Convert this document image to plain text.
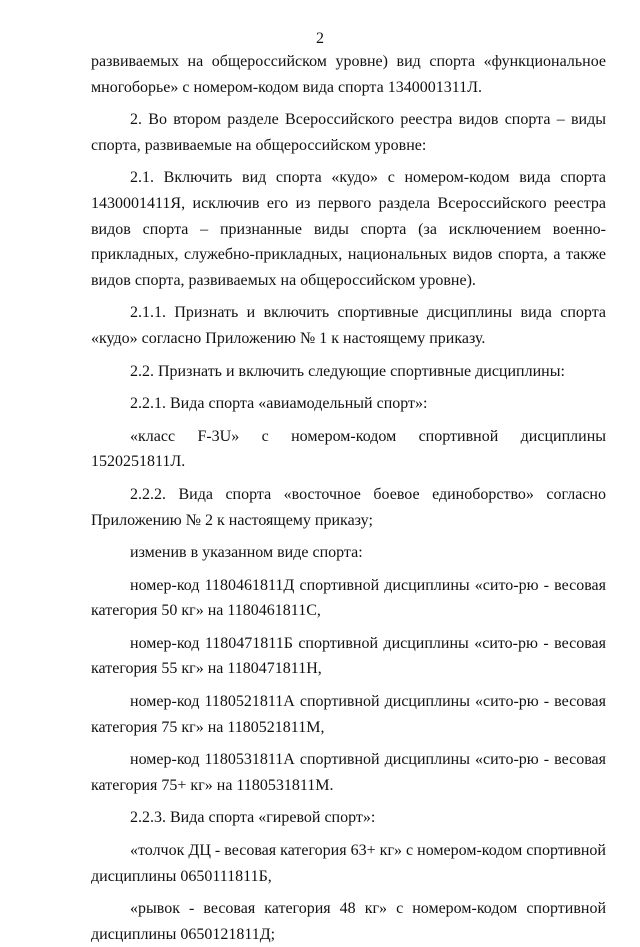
2

развиваемых на общероссийском уровне) вид спорта «функциональное многоборье» с номером-кодом вида спорта 1340001311Л.

2. Во втором разделе Всероссийского реестра видов спорта – виды спорта, развиваемые на общероссийском уровне:

2.1. Включить вид спорта «кудо» с номером-кодом вида спорта 1430001411Я, исключив его из первого раздела Всероссийского реестра видов спорта – признанные виды спорта (за исключением военно-прикладных, служебно-прикладных, национальных видов спорта, а также видов спорта, развиваемых на общероссийском уровне).

2.1.1. Признать и включить спортивные дисциплины вида спорта «кудо» согласно Приложению № 1 к настоящему приказу.

2.2. Признать и включить следующие спортивные дисциплины:

2.2.1. Вида спорта «авиамодельный спорт»:

«класс F-3U» с номером-кодом спортивной дисциплины 1520251811Л.

2.2.2. Вида спорта «восточное боевое единоборство» согласно Приложению № 2 к настоящему приказу;

изменив в указанном виде спорта:

номер-код 1180461811Д спортивной дисциплины «сито-рю - весовая категория 50 кг» на 1180461811С,

номер-код 1180471811Б спортивной дисциплины «сито-рю - весовая категория 55 кг» на 1180471811Н,

номер-код 1180521811А спортивной дисциплины «сито-рю - весовая категория 75 кг» на 1180521811М,

номер-код 1180531811А спортивной дисциплины «сито-рю - весовая категория 75+ кг» на 1180531811М.

2.2.3. Вида спорта «гиревой спорт»:

«толчок ДЦ - весовая категория 63+ кг» с номером-кодом спортивной дисциплины 0650111811Б,

«рывок - весовая категория 48 кг» с номером-кодом спортивной дисциплины 0650121811Д;
